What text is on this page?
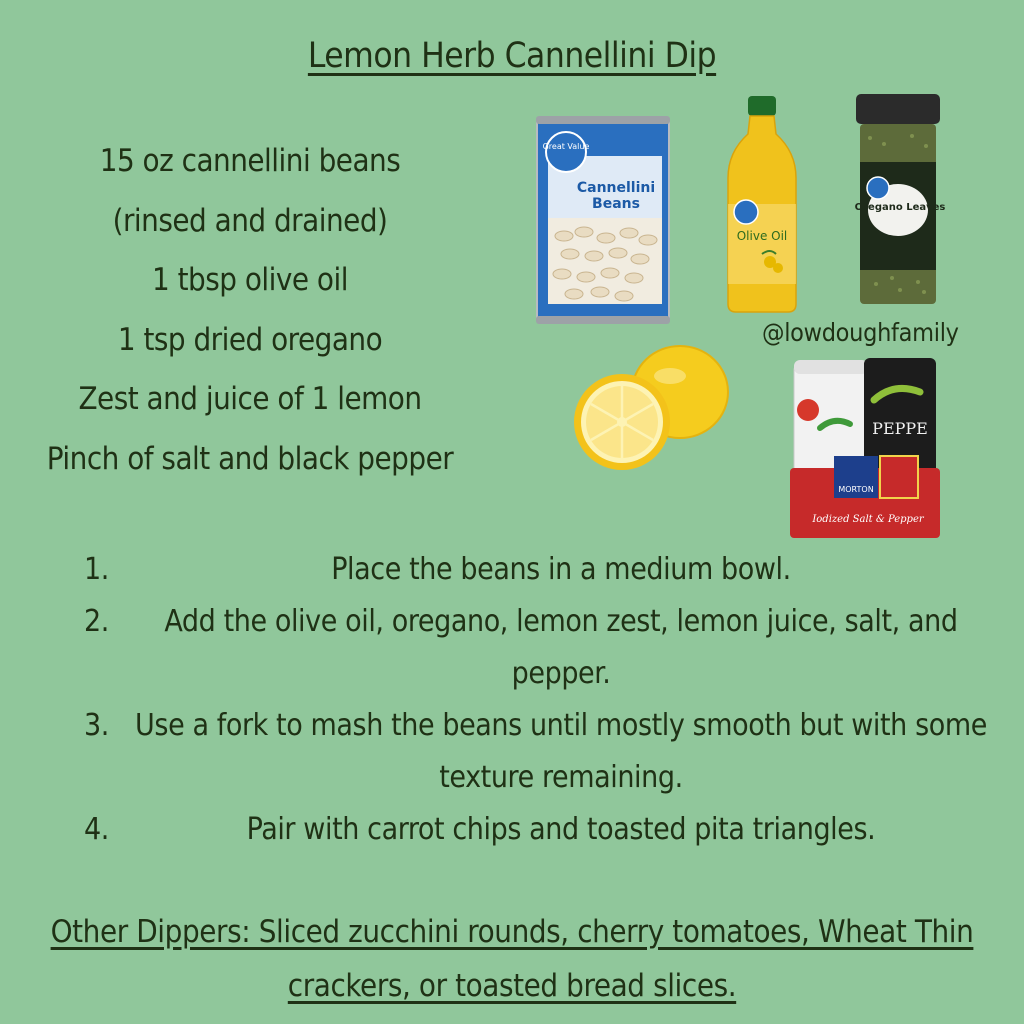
Lemon Herb Cannellini Dip
15 oz cannellini beans
(rinsed and drained)
1 tbsp olive oil
1 tsp dried oregano
Zest and juice of 1 lemon
Pinch of salt and black pepper
Great Value
Cannellini
Beans
Olive Oil
Oregano Leaves
@lowdoughfamily
PEPPE
MORTON
Iodized Salt & Pepper
1.	Place the beans in a medium bowl.
2.	Add the olive oil, oregano, lemon zest, lemon juice, salt, and pepper.
3. Use a fork to mash the beans until mostly smooth but with some texture remaining.
4.	Pair with carrot chips and toasted pita triangles.
Other Dippers: Sliced zucchini rounds, cherry tomatoes, Wheat Thin crackers, or toasted bread slices.
